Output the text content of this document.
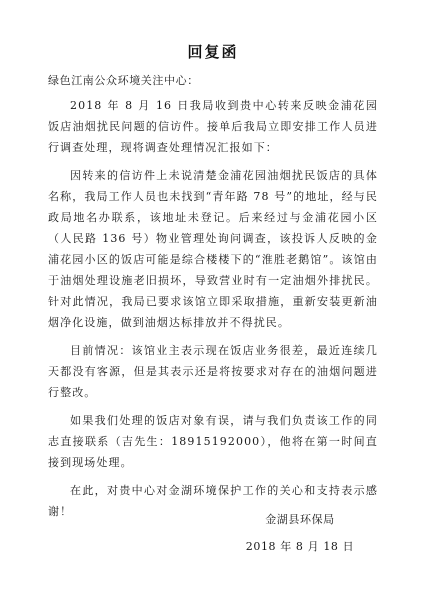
回复函
绿色江南公众环境关注中心：

2018 年 8 月 16 日我局收到贵中心转来反映金浦花园饭店油烟扰民问题的信访件。接单后我局立即安排工作人员进行调查处理，现将调查处理情况汇报如下：

因转来的信访件上未说清楚金浦花园油烟扰民饭店的具体名称，我局工作人员也未找到“青年路 78 号”的地址，经与民政局地名办联系，该地址未登记。后来经过与金浦花园小区（人民路 136 号）物业管理处询问调查，该投诉人反映的金浦花园小区的饭店可能是综合楼楼下的“淮胜老鹅馆”。该馆由于油烟处理设施老旧损坏，导致营业时有一定油烟外排扰民。针对此情况，我局已要求该馆立即采取措施，重新安装更新油烟净化设施，做到油烟达标排放并不得扰民。

目前情况：该馆业主表示现在饭店业务很差，最近连续几天都没有客源，但是其表示还是将按要求对存在的油烟问题进行整改。

如果我们处理的饭店对象有误，请与我们负责该工作的同志直接联系（吉先生：18915192000），他将在第一时间直接到现场处理。

在此，对贵中心对金湖环境保护工作的关心和支持表示感谢！

金湖县环保局
2018 年 8 月 18 日
